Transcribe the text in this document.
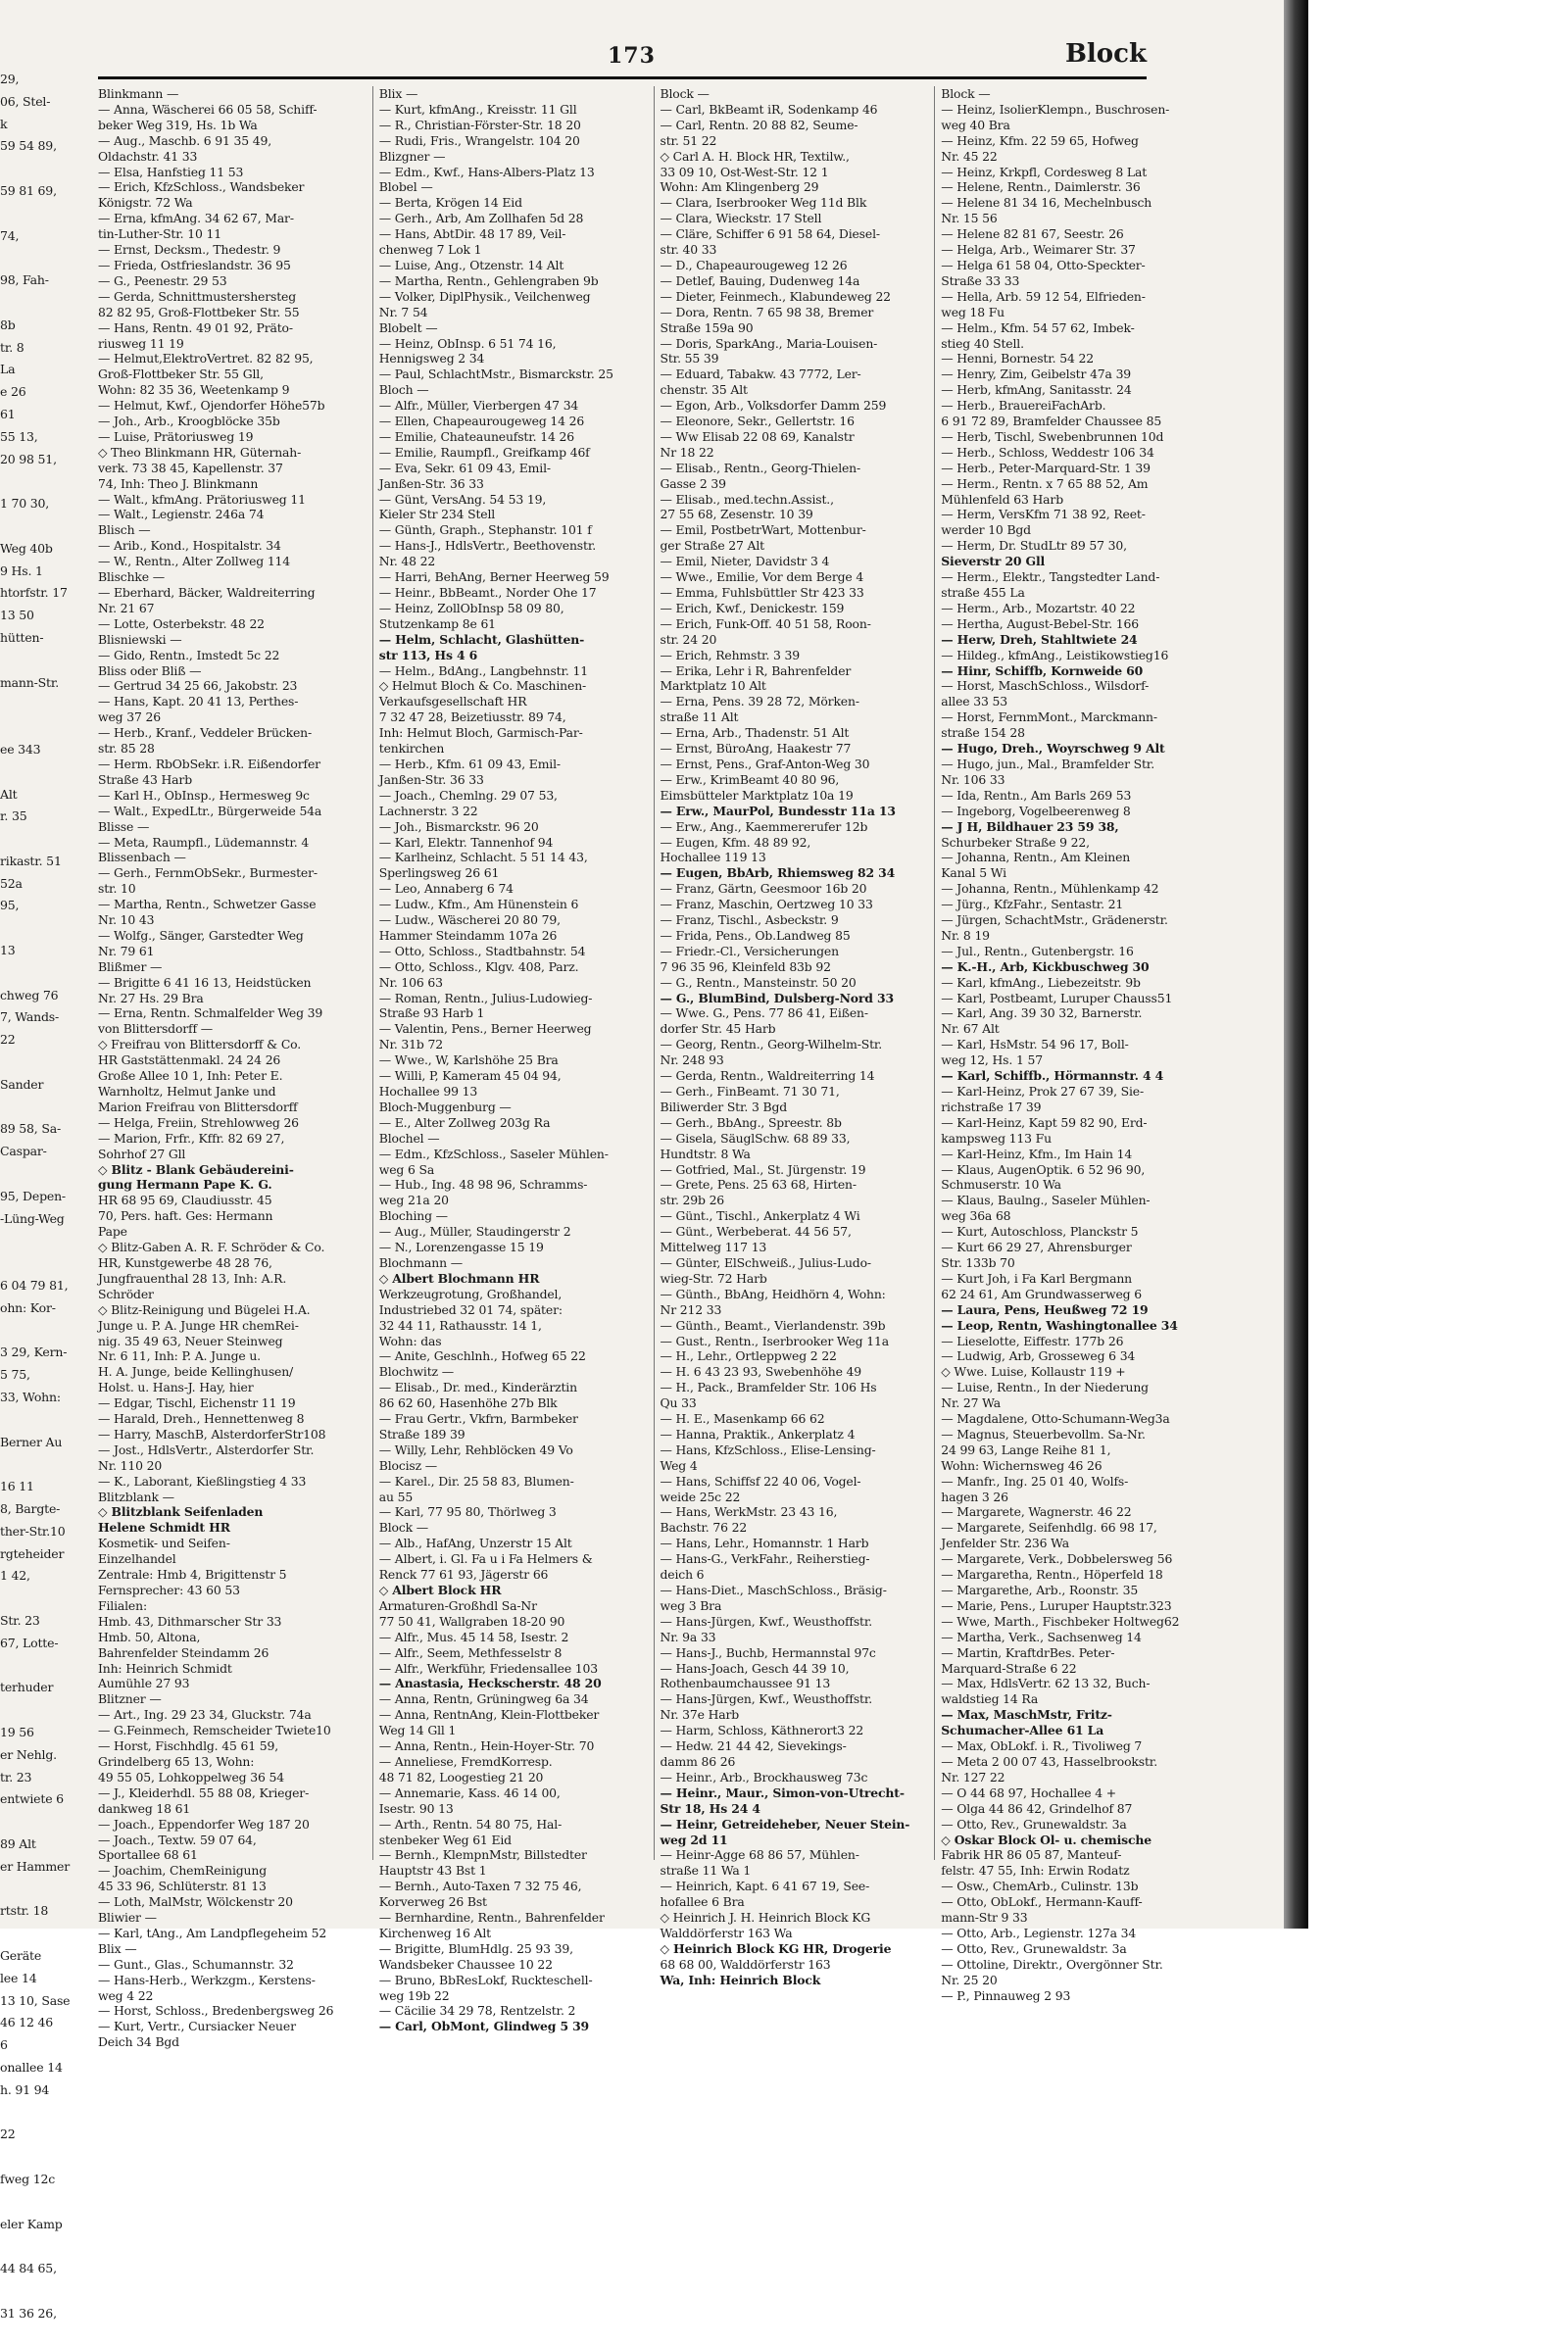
29,
06, Stel-
k
59 54 89,
59 81 69,
74,
98, Fah-
8b
tr. 8
La
e 26
61
55 13,
20 98 51,
1 70 30,
Weg 40b
9 Hs. 1
htorfstr. 17
13 50
hütten-
mann-Str.
ee 343
Alt
r. 35
rikastr. 51
52a
95,
13
chweg 76
7, Wands-
22
Sander
89 58, Sa-
Caspar-
95, Depen-
-Lüng-Weg
6 04 79 81,
ohn: Kor-
3 29, Kern-
5 75,
33, Wohn:
Berner Au
16 11
8, Bargte-
ther-Str.10
rgteheider
1 42,
Str. 23
67, Lotte-
terhuder
19 56
er Nehlg.
tr. 23
entwiete 6
89 Alt
er Hammer
rtstr. 18
Geräte
lee 14
13 10, Sase
46 12 46
6
onallee 14
h. 91 94
22
fweg 12c
eler Kamp
44 84 65,
31 36 26,
173	Block
Blinkmann —
— Anna, Wäscherei 66 05 58, Schiff-
beker Weg 319, Hs. 1b Wa
— Aug., Maschb. 6 91 35 49,
Oldachstr. 41 33
— Elsa, Hanfstieg 11 53
— Erich, KfzSchloss., Wandsbeker
Königstr. 72 Wa
— Erna, kfmAng. 34 62 67, Mar-
tin-Luther-Str. 10 11
— Ernst, Decksm., Thedestr. 9
— Frieda, Ostfrieslandstr. 36 95
— G., Peenestr. 29 53
— Gerda, Schnittmustershersteg
82 82 95, Groß-Flottbeker Str. 55
— Hans, Rentn. 49 01 92, Präto-
riusweg 11 19
— Helmut,ElektroVertret. 82 82 95,
Groß-Flottbeker Str. 55 Gll,
Wohn: 82 35 36, Weetenkamp 9
— Helmut, Kwf., Ojendorfer Höhe57b
— Joh., Arb., Kroogblöcke 35b
— Luise, Prätoriusweg 19
◇ Theo Blinkmann HR, Güternah-
verk. 73 38 45, Kapellenstr. 37
74, Inh: Theo J. Blinkmann
— Walt., kfmAng. Prätoriusweg 11
— Walt., Legienstr. 246a 74
Blisch —
— Arib., Kond., Hospitalstr. 34
— W., Rentn., Alter Zollweg 114
Blischke —
— Eberhard, Bäcker, Waldreiterring
Nr. 21 67
— Lotte, Osterbekstr. 48 22
Blisniewski —
— Gido, Rentn., Imstedt 5c 22
Bliss oder Bliß —
— Gertrud 34 25 66, Jakobstr. 23
— Hans, Kapt. 20 41 13, Perthes-
weg 37 26
— Herb., Kranf., Veddeler Brücken-
str. 85 28
— Herm. RbObSekr. i.R. Eißendorfer
Straße 43 Harb
— Karl H., ObInsp., Hermesweg 9c
— Walt., ExpedLtr., Bürgerweide 54a
Blisse —
— Meta, Raumpfl., Lüdemannstr. 4
Blissenbach —
— Gerh., FernmObSekr., Burmester-
str. 10
— Martha, Rentn., Schwetzer Gasse
Nr. 10 43
— Wolfg., Sänger, Garstedter Weg
Nr. 79 61
Blißmer —
— Brigitte 6 41 16 13, Heidstücken
Nr. 27 Hs. 29 Bra
— Erna, Rentn. Schmalfelder Weg 39
von Blittersdorff —
◇ Freifrau von Blittersdorff & Co.
HR Gaststättenmakl. 24 24 26
Große Allee 10 1, Inh: Peter E.
Warnholtz, Helmut Janke und
Marion Freifrau von Blittersdorff
— Helga, Freiin, Strehlowweg 26
— Marion, Frfr., Kffr. 82 69 27,
Sohrhof 27 Gll
◇ Blitz - Blank Gebäudereini-
gung Hermann Pape K. G.
HR 68 95 69, Claudiusstr. 45
70, Pers. haft. Ges: Hermann
Pape
◇ Blitz-Gaben A. R. F. Schröder & Co.
HR, Kunstgewerbe 48 28 76,
Jungfrauenthal 28 13, Inh: A.R.
Schröder
◇ Blitz-Reinigung und Bügelei H.A.
Junge u. P. A. Junge HR chemRei-
nig. 35 49 63, Neuer Steinweg
Nr. 6 11, Inh: P. A. Junge u.
H. A. Junge, beide Kellinghusen/
Holst. u. Hans-J. Hay, hier
— Edgar, Tischl, Eichenstr 11 19
— Harald, Dreh., Hennettenweg 8
— Harry, MaschB, AlsterdorferStr108
— Jost., HdlsVertr., Alsterdorfer Str.
Nr. 110 20
— K., Laborant, Kießlingstieg 4 33
Blitzblank —
◇ Blitzblank Seifenladen
Helene Schmidt HR
Kosmetik- und Seifen-
Einzelhandel
Zentrale: Hmb 4, Brigittenstr 5
Fernsprecher: 43 60 53
Filialen:
Hmb. 43, Dithmarscher Str 33
Hmb. 50, Altona,
Bahrenfelder Steindamm 26
Inh: Heinrich Schmidt
Aumühle 27 93
Blitzner —
— Art., Ing. 29 23 34, Gluckstr. 74a
— G.Feinmech, Remscheider Twiete10
— Horst, Fischhdlg. 45 61 59,
Grindelberg 65 13, Wohn:
49 55 05, Lohkoppelweg 36 54
— J., Kleiderhdl. 55 88 08, Krieger-
dankweg 18 61
— Joach., Eppendorfer Weg 187 20
— Joach., Textw. 59 07 64,
Sportallee 68 61
— Joachim, ChemReinigung
45 33 96, Schlüterstr. 81 13
— Loth, MalMstr, Wölckenstr 20
Bliwier —
— Karl, tAng., Am Landpflegeheim 52
Blix —
— Gunt., Glas., Schumannstr. 32
— Hans-Herb., Werkzgm., Kerstens-
weg 4 22
— Horst, Schloss., Bredenbergsweg 26
— Kurt, Vertr., Cursiacker Neuer
Deich 34 Bgd
Blix —
— Kurt, kfmAng., Kreisstr. 11 Gll
— R., Christian-Förster-Str. 18 20
— Rudi, Fris., Wrangelstr. 104 20
Blizgner —
— Edm., Kwf., Hans-Albers-Platz 13
Blobel —
— Berta, Krögen 14 Eid
— Gerh., Arb, Am Zollhafen 5d 28
— Hans, AbtDir. 48 17 89, Veil-
chenweg 7 Lok 1
— Luise, Ang., Otzenstr. 14 Alt
— Martha, Rentn., Gehlengraben 9b
— Volker, DiplPhysik., Veilchenweg
Nr. 7 54
Blobelt —
— Heinz, ObInsp. 6 51 74 16,
Hennigsweg 2 34
— Paul, SchlachtMstr., Bismarckstr. 25
Bloch —
— Alfr., Müller, Vierbergen 47 34
— Ellen, Chapeaurougeweg 14 26
— Emilie, Chateauneufstr. 14 26
— Emilie, Raumpfl., Greifkamp 46f
— Eva, Sekr. 61 09 43, Emil-
Janßen-Str. 36 33
— Günt, VersAng. 54 53 19,
Kieler Str 234 Stell
— Günth, Graph., Stephanstr. 101 f
— Hans-J., HdlsVertr., Beethovenstr.
Nr. 48 22
— Harri, BehAng, Berner Heerweg 59
— Heinr., BbBeamt., Norder Ohe 17
— Heinz, ZollObInsp 58 09 80,
Stutzenkamp 8e 61
— Helm, Schlacht, Glashütten-
str 113, Hs 4 6
— Helm., BdAng., Langbehnstr. 11
◇ Helmut Bloch & Co. Maschinen-
Verkaufsgesellschaft HR
7 32 47 28, Beizetiusstr. 89 74,
Inh: Helmut Bloch, Garmisch-Par-
tenkirchen
— Herb., Kfm. 61 09 43, Emil-
Janßen-Str. 36 33
— Joach., Chemlng. 29 07 53,
Lachnerstr. 3 22
— Joh., Bismarckstr. 96 20
— Karl, Elektr. Tannenhof 94
— Karlheinz, Schlacht. 5 51 14 43,
Sperlingsweg 26 61
— Leo, Annaberg 6 74
— Ludw., Kfm., Am Hünenstein 6
— Ludw., Wäscherei 20 80 79,
Hammer Steindamm 107a 26
— Otto, Schloss., Stadtbahnstr. 54
— Otto, Schloss., Klgv. 408, Parz.
Nr. 106 63
— Roman, Rentn., Julius-Ludowieg-
Straße 93 Harb 1
— Valentin, Pens., Berner Heerweg
Nr. 31b 72
— Wwe., W, Karlshöhe 25 Bra
— Willi, P, Kameram 45 04 94,
Hochallee 99 13
Bloch-Muggenburg —
— E., Alter Zollweg 203g Ra
Blochel —
— Edm., KfzSchloss., Saseler Mühlen-
weg 6 Sa
— Hub., Ing. 48 98 96, Schramms-
weg 21a 20
Bloching —
— Aug., Müller, Staudingerstr 2
— N., Lorenzengasse 15 19
Blochmann —
◇ Albert Blochmann HR
Werkzeugrotung, Großhandel,
Industriebed 32 01 74, später:
32 44 11, Rathausstr. 14 1,
Wohn: das
— Anite, Geschlnh., Hofweg 65 22
Blochwitz —
— Elisab., Dr. med., Kinderärztin
86 62 60, Hasenhöhe 27b Blk
— Frau Gertr., Vkfrn, Barmbeker
Straße 189 39
— Willy, Lehr, Rehblöcken 49 Vo
Blocisz —
— Karel., Dir. 25 58 83, Blumen-
au 55
— Karl, 77 95 80, Thörlweg 3
Block —
— Alb., HafAng, Unzerstr 15 Alt
— Albert, i. Gl. Fa u i Fa Helmers &
Renck 77 61 93, Jägerstr 66
◇ Albert Block HR
Armaturen-Großhdl Sa-Nr
77 50 41, Wallgraben 18-20 90
— Alfr., Mus. 45 14 58, Isestr. 2
— Alfr., Seem, Methfesselstr 8
— Alfr., Werkführ, Friedensallee 103
— Anastasia, Heckscherstr. 48 20
— Anna, Rentn, Grüningweg 6a 34
— Anna, RentnAng, Klein-Flottbeker
Weg 14 Gll 1
— Anna, Rentn., Hein-Hoyer-Str. 70
— Anneliese, FremdKorresp.
48 71 82, Loogestieg 21 20
— Annemarie, Kass. 46 14 00,
Isestr. 90 13
— Arth., Rentn. 54 80 75, Hal-
stenbeker Weg 61 Eid
— Bernh., KlempnMstr, Billstedter
Hauptstr 43 Bst 1
— Bernh., Auto-Taxen 7 32 75 46,
Korverweg 26 Bst
— Bernhardine, Rentn., Bahrenfelder
Kirchenweg 16 Alt
— Brigitte, BlumHdlg. 25 93 39,
Wandsbeker Chaussee 10 22
— Bruno, BbResLokf, Ruckteschell-
weg 19b 22
— Cäcilie 34 29 78, Rentzelstr. 2
— Carl, ObMont, Glindweg 5 39
Block —
— Carl, BkBeamt iR, Sodenkamp 46
— Carl, Rentn. 20 88 82, Seume-
str. 51 22
◇ Carl A. H. Block HR, Textilw.,
33 09 10, Ost-West-Str. 12 1
Wohn: Am Klingenberg 29
— Clara, Iserbrooker Weg 11d Blk
— Clara, Wieckstr. 17 Stell
— Cläre, Schiffer 6 91 58 64, Diesel-
str. 40 33
— D., Chapeaurougeweg 12 26
— Detlef, Bauing, Dudenweg 14a
— Dieter, Feinmech., Klabundeweg 22
— Dora, Rentn. 7 65 98 38, Bremer
Straße 159a 90
— Doris, SparkAng., Maria-Louisen-
Str. 55 39
— Eduard, Tabakw. 43 7772, Ler-
chenstr. 35 Alt
— Egon, Arb., Volksdorfer Damm 259
— Eleonore, Sekr., Gellertstr. 16
— Ww Elisab 22 08 69, Kanalstr
Nr 18 22
— Elisab., Rentn., Georg-Thielen-
Gasse 2 39
— Elisab., med.techn.Assist.,
27 55 68, Zesenstr. 10 39
— Emil, PostbetrWart, Mottenbur-
ger Straße 27 Alt
— Emil, Nieter, Davidstr 3 4
— Wwe., Emilie, Vor dem Berge 4
— Emma, Fuhlsbüttler Str 423 33
— Erich, Kwf., Denickestr. 159
— Erich, Funk-Off. 40 51 58, Roon-
str. 24 20
— Erich, Rehmstr. 3 39
— Erika, Lehr i R, Bahrenfelder
Marktplatz 10 Alt
— Erna, Pens. 39 28 72, Mörken-
straße 11 Alt
— Erna, Arb., Thadenstr. 51 Alt
— Ernst, BüroAng, Haakestr 77
— Ernst, Pens., Graf-Anton-Weg 30
— Erw., KrimBeamt 40 80 96,
Eimsbütteler Marktplatz 10a 19
— Erw., MaurPol, Bundesstr 11a 13
— Erw., Ang., Kaemmererufer 12b
— Eugen, Kfm. 48 89 92,
Hochallee 119 13
— Eugen, BbArb, Rhiemsweg 82 34
— Franz, Gärtn, Geesmoor 16b 20
— Franz, Maschin, Oertzweg 10 33
— Franz, Tischl., Asbeckstr. 9
— Frida, Pens., Ob.Landweg 85
— Friedr.-Cl., Versicherungen
7 96 35 96, Kleinfeld 83b 92
— G., Rentn., Mansteinstr. 50 20
— G., BlumBind, Dulsberg-Nord 33
— Wwe. G., Pens. 77 86 41, Eißen-
dorfer Str. 45 Harb
— Georg, Rentn., Georg-Wilhelm-Str.
Nr. 248 93
— Gerda, Rentn., Waldreiterring 14
— Gerh., FinBeamt. 71 30 71,
Biliwerder Str. 3 Bgd
— Gerh., BbAng., Spreestr. 8b
— Gisela, SäuglSchw. 68 89 33,
Hundtstr. 8 Wa
— Gotfried, Mal., St. Jürgenstr. 19
— Grete, Pens. 25 63 68, Hirten-
str. 29b 26
— Günt., Tischl., Ankerplatz 4 Wi
— Günt., Werbeberat. 44 56 57,
Mittelweg 117 13
— Günter, ElSchweiß., Julius-Ludo-
wieg-Str. 72 Harb
— Günth., BbAng, Heidhörn 4, Wohn:
Nr 212 33
— Günth., Beamt., Vierlandenstr. 39b
— Gust., Rentn., Iserbrooker Weg 11a
— H., Lehr., Ortleppweg 2 22
— H. 6 43 23 93, Swebenhöhe 49
— H., Pack., Bramfelder Str. 106 Hs
Qu 33
— H. E., Masenkamp 66 62
— Hanna, Praktik., Ankerplatz 4
— Hans, KfzSchloss., Elise-Lensing-
Weg 4
— Hans, Schiffsf 22 40 06, Vogel-
weide 25c 22
— Hans, WerkMstr. 23 43 16,
Bachstr. 76 22
— Hans, Lehr., Homannstr. 1 Harb
— Hans-G., VerkFahr., Reiherstieg-
deich 6
— Hans-Diet., MaschSchloss., Bräsig-
weg 3 Bra
— Hans-Jürgen, Kwf., Weusthoffstr.
Nr. 9a 33
— Hans-J., Buchb, Hermannstal 97c
— Hans-Joach, Gesch 44 39 10,
Rothenbaumchaussee 91 13
— Hans-Jürgen, Kwf., Weusthoffstr.
Nr. 37e Harb
— Harm, Schloss, Käthnerort3 22
— Hedw. 21 44 42, Sievekings-
damm 86 26
— Heinr., Arb., Brockhausweg 73c
— Heinr., Maur., Simon-von-Utrecht-
Str 18, Hs 24 4
— Heinr, Getreideheber, Neuer Stein-
weg 2d 11
— Heinr-Agge 68 86 57, Mühlen-
straße 11 Wa 1
— Heinrich, Kapt. 6 41 67 19, See-
hofallee 6 Bra
◇ Heinrich J. H. Heinrich Block KG
Walddörferstr 163 Wa
◇ Heinrich Block KG HR, Drogerie
68 68 00, Walddörferstr 163
Wa, Inh: Heinrich Block
Block —
— Heinz, IsolierKlempn., Buschrosen-
weg 40 Bra
— Heinz, Kfm. 22 59 65, Hofweg
Nr. 45 22
— Heinz, Krkpfl, Cordesweg 8 Lat
— Helene, Rentn., Daimlerstr. 36
— Helene 81 34 16, Mechelnbusch
Nr. 15 56
— Helene 82 81 67, Seestr. 26
— Helga, Arb., Weimarer Str. 37
— Helga 61 58 04, Otto-Speckter-
Straße 33 33
— Hella, Arb. 59 12 54, Elfrieden-
weg 18 Fu
— Helm., Kfm. 54 57 62, Imbek-
stieg 40 Stell.
— Henni, Bornestr. 54 22
— Henry, Zim, Geibelstr 47a 39
— Herb, kfmAng, Sanitasstr. 24
— Herb., BrauereiFachArb.
6 91 72 89, Bramfelder Chaussee 85
— Herb, Tischl, Swebenbrunnen 10d
— Herb., Schloss, Weddestr 106 34
— Herb., Peter-Marquard-Str. 1 39
— Herm., Rentn. x 7 65 88 52, Am
Mühlenfeld 63 Harb
— Herm, VersKfm 71 38 92, Reet-
werder 10 Bgd
— Herm, Dr. StudLtr 89 57 30,
Sieverstr 20 Gll
— Herm., Elektr., Tangstedter Land-
straße 455 La
— Herm., Arb., Mozartstr. 40 22
— Hertha, August-Bebel-Str. 166
— Herw, Dreh, Stahltwiete 24
— Hildeg., kfmAng., Leistikowstieg16
— Hinr, Schiffb, Kornweide 60
— Horst, MaschSchloss., Wilsdorf-
allee 33 53
— Horst, FernmMont., Marckmann-
straße 154 28
— Hugo, Dreh., Woyrschweg 9 Alt
— Hugo, jun., Mal., Bramfelder Str.
Nr. 106 33
— Ida, Rentn., Am Barls 269 53
— Ingeborg, Vogelbeerenweg 8
— J H, Bildhauer 23 59 38,
Schurbeker Straße 9 22,
— Johanna, Rentn., Am Kleinen
Kanal 5 Wi
— Johanna, Rentn., Mühlenkamp 42
— Jürg., KfzFahr., Sentastr. 21
— Jürgen, SchachtMstr., Grädenerstr.
Nr. 8 19
— Jul., Rentn., Gutenbergstr. 16
— K.-H., Arb, Kickbuschweg 30
— Karl, kfmAng., Liebezeitstr. 9b
— Karl, Postbeamt, Luruper Chauss51
— Karl, Ang. 39 30 32, Barnerstr.
Nr. 67 Alt
— Karl, HsMstr. 54 96 17, Boll-
weg 12, Hs. 1 57
— Karl, Schiffb., Hörmannstr. 4 4
— Karl-Heinz, Prok 27 67 39, Sie-
richstraße 17 39
— Karl-Heinz, Kapt 59 82 90, Erd-
kampsweg 113 Fu
— Karl-Heinz, Kfm., Im Hain 14
— Klaus, AugenOptik. 6 52 96 90,
Schmuserstr. 10 Wa
— Klaus, Baulng., Saseler Mühlen-
weg 36a 68
— Kurt, Autoschloss, Planckstr 5
— Kurt 66 29 27, Ahrensburger
Str. 133b 70
— Kurt Joh, i Fa Karl Bergmann
62 24 61, Am Grundwasserweg 6
— Laura, Pens, Heußweg 72 19
— Leop, Rentn, Washingtonallee 34
— Lieselotte, Eiffestr. 177b 26
— Ludwig, Arb, Grosseweg 6 34
◇ Wwe. Luise, Kollaustr 119 +
— Luise, Rentn., In der Niederung
Nr. 27 Wa
— Magdalene, Otto-Schumann-Weg3a
— Magnus, Steuerbevollm. Sa-Nr.
24 99 63, Lange Reihe 81 1,
Wohn: Wichernsweg 46 26
— Manfr., Ing. 25 01 40, Wolfs-
hagen 3 26
— Margarete, Wagnerstr. 46 22
— Margarete, Seifenhdlg. 66 98 17,
Jenfelder Str. 236 Wa
— Margarete, Verk., Dobbelersweg 56
— Margaretha, Rentn., Höperfeld 18
— Margarethe, Arb., Roonstr. 35
— Marie, Pens., Luruper Hauptstr.323
— Wwe, Marth., Fischbeker Holtweg62
— Martha, Verk., Sachsenweg 14
— Martin, KraftdrBes. Peter-
Marquard-Straße 6 22
— Max, HdlsVertr. 62 13 32, Buch-
waldstieg 14 Ra
— Max, MaschMstr, Fritz-
Schumacher-Allee 61 La
— Max, ObLokf. i. R., Tivoliweg 7
— Meta 2 00 07 43, Hasselbrookstr.
Nr. 127 22
— O 44 68 97, Hochallee 4 +
— Olga 44 86 42, Grindelhof 87
— Otto, Rev., Grunewaldstr. 3a
◇ Oskar Block Ol- u. chemische
Fabrik HR 86 05 87, Manteuf-
felstr. 47 55, Inh: Erwin Rodatz
— Osw., ChemArb., Culinstr. 13b
— Otto, ObLokf., Hermann-Kauff-
mann-Str 9 33
— Otto, Arb., Legienstr. 127a 34
— Otto, Rev., Grunewaldstr. 3a
— Ottoline, Direktr., Overgönner Str.
Nr. 25 20
— P., Pinnauweg 2 93
